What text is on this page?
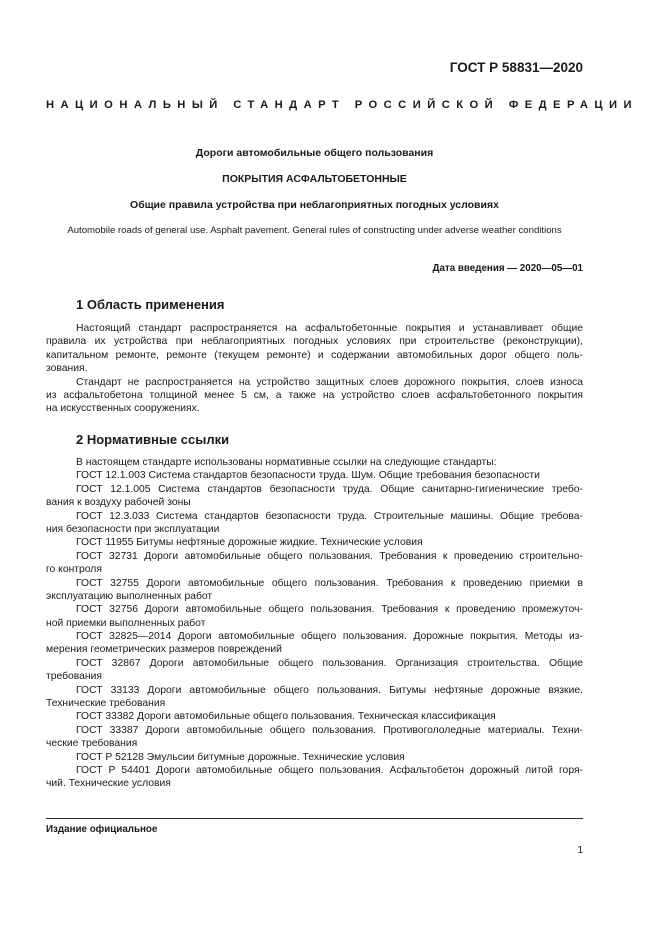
ГОСТ Р 58831—2020
НАЦИОНАЛЬНЫЙ СТАНДАРТ РОССИЙСКОЙ ФЕДЕРАЦИИ
Дороги автомобильные общего пользования
ПОКРЫТИЯ АСФАЛЬТОБЕТОННЫЕ
Общие правила устройства при неблагоприятных погодных условиях
Automobile roads of general use. Asphalt pavement. General rules of constructing under adverse weather conditions
Дата введения — 2020—05—01
1 Область применения
Настоящий стандарт распространяется на асфальтобетонные покрытия и устанавливает общие
правила их устройства при неблагоприятных погодных условиях при строительстве (реконструкции),
капитальном ремонте, ремонте (текущем ремонте) и содержании автомобильных дорог общего поль-
зования.
Стандарт не распространяется на устройство защитных слоев дорожного покрытия, слоев износа
из асфальтобетона толщиной менее 5 см, а также на устройство слоев асфальтобетонного покрытия
на искусственных сооружениях.
2 Нормативные ссылки
В настоящем стандарте использованы нормативные ссылки на следующие стандарты:
ГОСТ 12.1.003 Система стандартов безопасности труда. Шум. Общие требования безопасности
ГОСТ 12.1.005 Система стандартов безопасности труда. Общие санитарно-гигиенические требо-
вания к воздуху рабочей зоны
ГОСТ 12.3.033 Система стандартов безопасности труда. Строительные машины. Общие требова-
ния безопасности при эксплуатации
ГОСТ 11955 Битумы нефтяные дорожные жидкие. Технические условия
ГОСТ 32731 Дороги автомобильные общего пользования. Требования к проведению строительно-
го контроля
ГОСТ 32755 Дороги автомобильные общего пользования. Требования к проведению приемки в
эксплуатацию выполненных работ
ГОСТ 32756 Дороги автомобильные общего пользования. Требования к проведению промежуточ-
ной приемки выполненных работ
ГОСТ 32825—2014 Дороги автомобильные общего пользования. Дорожные покрытия. Методы из-
мерения геометрических размеров повреждений
ГОСТ 32867 Дороги автомобильные общего пользования. Организация строительства. Общие
требования
ГОСТ 33133 Дороги автомобильные общего пользования. Битумы нефтяные дорожные вязкие.
Технические требования
ГОСТ 33382 Дороги автомобильные общего пользования. Техническая классификация
ГОСТ 33387 Дороги автомобильные общего пользования. Противогололедные материалы. Техни-
ческие требования
ГОСТ Р 52128 Эмульсии битумные дорожные. Технические условия
ГОСТ Р 54401 Дороги автомобильные общего пользования. Асфальтобетон дорожный литой горя-
чий. Технические условия
Издание официальное
1
